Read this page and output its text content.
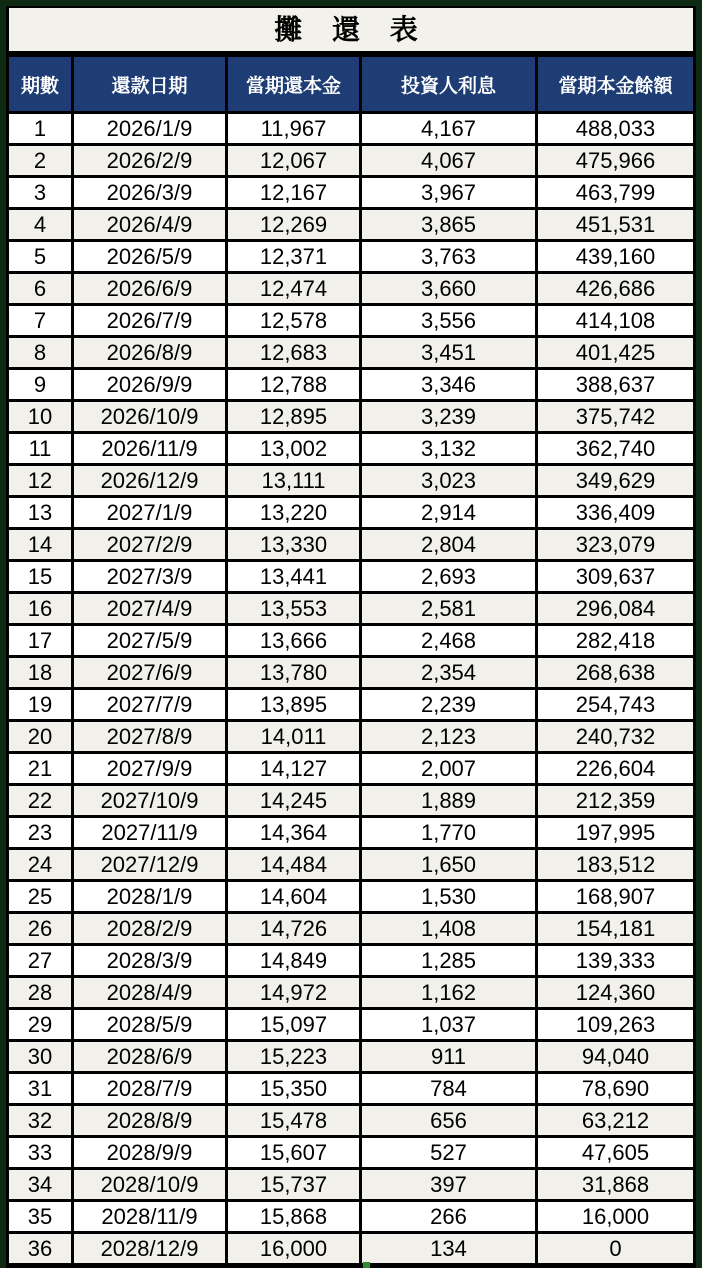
攤 還 表
期數	還款日期	當期還本金	投資人利息	當期本金餘額
1	2026/1/9	11,967	4,167	488,033
2	2026/2/9	12,067	4,067	475,966
3	2026/3/9	12,167	3,967	463,799
4	2026/4/9	12,269	3,865	451,531
5	2026/5/9	12,371	3,763	439,160
6	2026/6/9	12,474	3,660	426,686
7	2026/7/9	12,578	3,556	414,108
8	2026/8/9	12,683	3,451	401,425
9	2026/9/9	12,788	3,346	388,637
10	2026/10/9	12,895	3,239	375,742
11	2026/11/9	13,002	3,132	362,740
12	2026/12/9	13,111	3,023	349,629
13	2027/1/9	13,220	2,914	336,409
14	2027/2/9	13,330	2,804	323,079
15	2027/3/9	13,441	2,693	309,637
16	2027/4/9	13,553	2,581	296,084
17	2027/5/9	13,666	2,468	282,418
18	2027/6/9	13,780	2,354	268,638
19	2027/7/9	13,895	2,239	254,743
20	2027/8/9	14,011	2,123	240,732
21	2027/9/9	14,127	2,007	226,604
22	2027/10/9	14,245	1,889	212,359
23	2027/11/9	14,364	1,770	197,995
24	2027/12/9	14,484	1,650	183,512
25	2028/1/9	14,604	1,530	168,907
26	2028/2/9	14,726	1,408	154,181
27	2028/3/9	14,849	1,285	139,333
28	2028/4/9	14,972	1,162	124,360
29	2028/5/9	15,097	1,037	109,263
30	2028/6/9	15,223	911	94,040
31	2028/7/9	15,350	784	78,690
32	2028/8/9	15,478	656	63,212
33	2028/9/9	15,607	527	47,605
34	2028/10/9	15,737	397	31,868
35	2028/11/9	15,868	266	16,000
36	2028/12/9	16,000	134	0
